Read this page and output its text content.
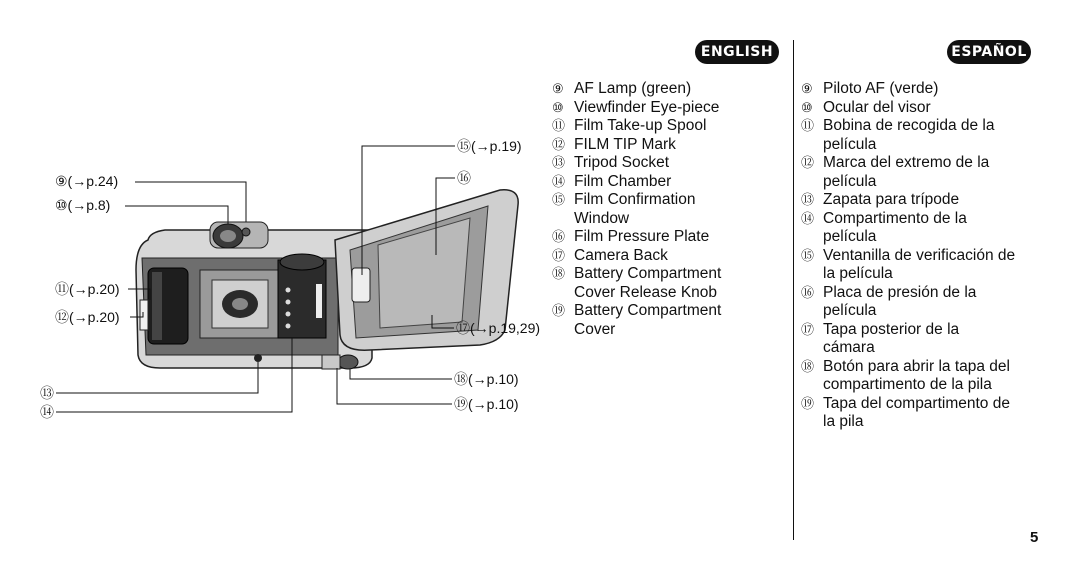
⑨(→p.24)
⑩(→p.8)
⑪(→p.20)
⑫(→p.20)
⑬
⑭
⑮(→p.19)
⑯
⑰(→p.19,29)
⑱(→p.10)
⑲(→p.10)
ENGLISH	ESPAÑOL
⑨ AF Lamp (green)
⑩ Viewfinder Eye-piece
⑪ Film Take-up Spool
⑫ FILM TIP Mark
⑬ Tripod Socket
⑭ Film Chamber
⑮ Film Confirmation Window
⑯ Film Pressure Plate
⑰ Camera Back
⑱ Battery Compartment Cover Release Knob
⑲ Battery Compartment Cover
⑨ Piloto AF (verde)
⑩ Ocular del visor
⑪ Bobina de recogida de la película
⑫ Marca del extremo de la película
⑬ Zapata para trípode
⑭ Compartimento de la película
⑮ Ventanilla de verificación de la película
⑯ Placa de presión de la película
⑰ Tapa posterior de la cámara
⑱ Botón para abrir la tapa del compartimento de la pila
⑲ Tapa del compartimento de la pila
5
